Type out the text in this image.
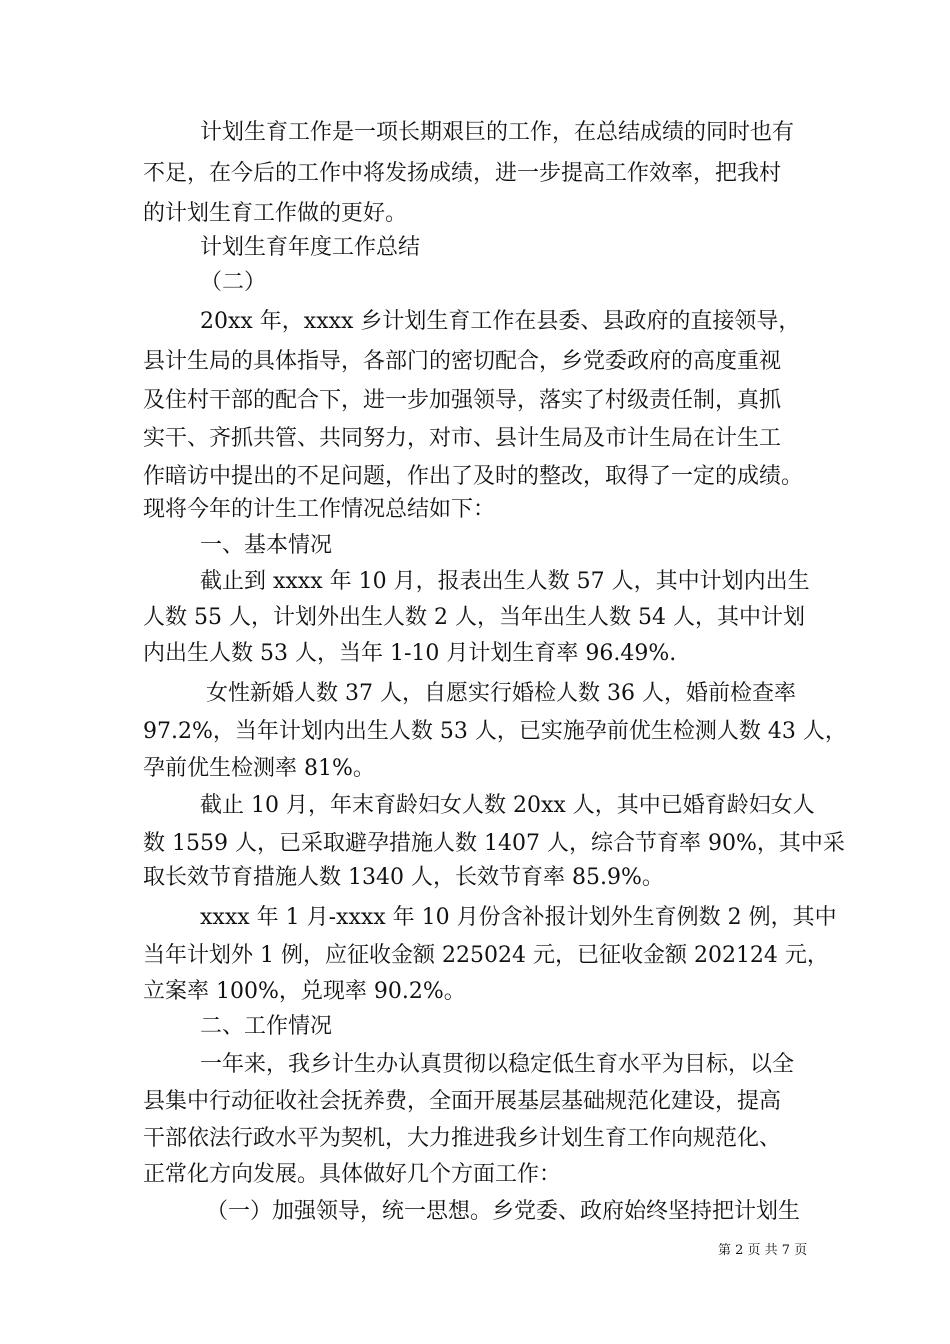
计划生育工作是一项长期艰巨的工作，在总结成绩的同时也有
不足，在今后的工作中将发扬成绩，进一步提高工作效率，把我村
的计划生育工作做的更好。
计划生育年度工作总结
（二）
20xx 年，xxxx 乡计划生育工作在县委、县政府的直接领导，
县计生局的具体指导，各部门的密切配合，乡党委政府的高度重视
及住村干部的配合下，进一步加强领导，落实了村级责任制，真抓
实干、齐抓共管、共同努力，对市、县计生局及市计生局在计生工
作暗访中提出的不足问题，作出了及时的整改，取得了一定的成绩。
现将今年的计生工作情况总结如下：
一、基本情况
截止到 xxxx 年 10 月，报表出生人数 57 人，其中计划内出生
人数 55 人，计划外出生人数 2 人，当年出生人数 54 人，其中计划
内出生人数 53 人，当年 1-10 月计划生育率 96.49%.
女性新婚人数 37 人，自愿实行婚检人数 36 人，婚前检查率
97.2%，当年计划内出生人数 53 人，已实施孕前优生检测人数 43 人，
孕前优生检测率 81%。
截止 10 月，年末育龄妇女人数 20xx 人，其中已婚育龄妇女人
数 1559 人，已采取避孕措施人数 1407 人，综合节育率 90%，其中采
取长效节育措施人数 1340 人，长效节育率 85.9%。
xxxx 年 1 月-xxxx 年 10 月份含补报计划外生育例数 2 例，其中
当年计划外 1 例，应征收金额 225024 元，已征收金额 202124 元，
立案率 100%，兑现率 90.2%。
二、工作情况
一年来，我乡计生办认真贯彻以稳定低生育水平为目标，以全
县集中行动征收社会抚养费，全面开展基层基础规范化建设，提高
干部依法行政水平为契机，大力推进我乡计划生育工作向规范化、
正常化方向发展。具体做好几个方面工作：
（一）加强领导，统一思想。乡党委、政府始终坚持把计划生
第 2 页 共 7 页
